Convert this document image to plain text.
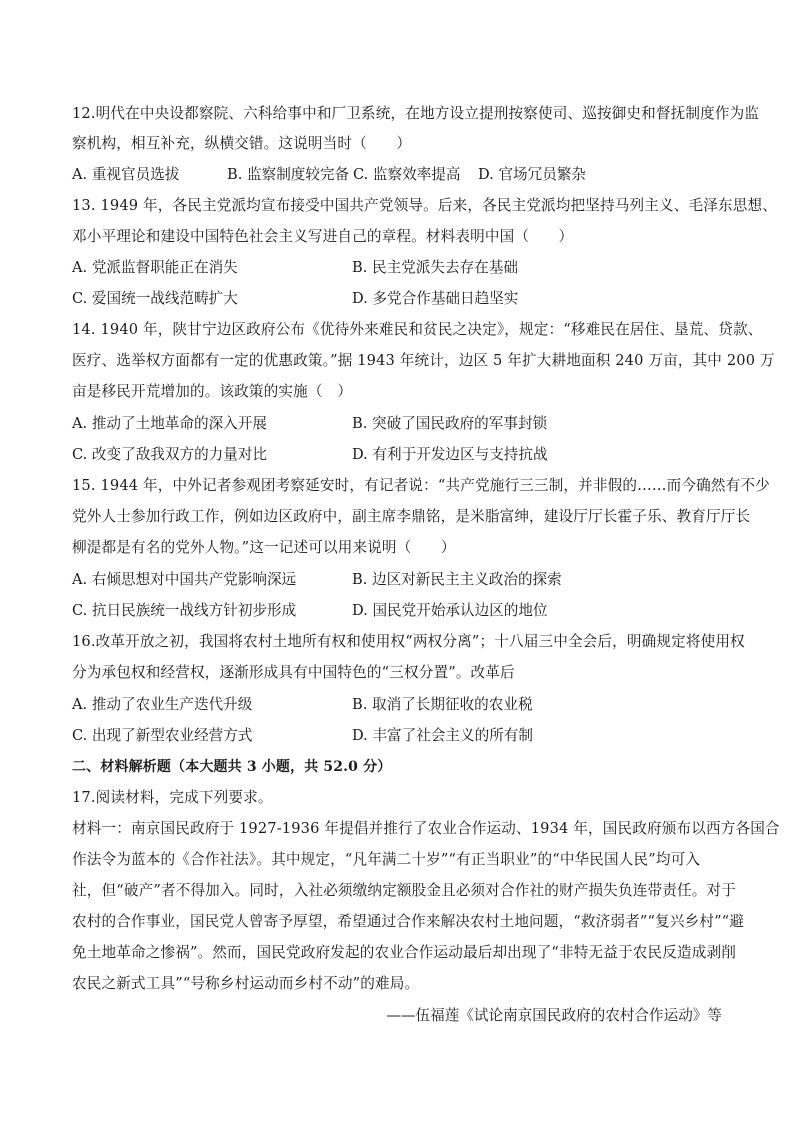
12.明代在中央设都察院、六科给事中和厂卫系统，在地方设立提刑按察使司、巡按御史和督抚制度作为监
察机构，相互补充，纵横交错。这说明当时（　　）
A. 重视官员选拔	B. 监察制度较完备 C. 监察效率提高 D. 官场冗员繁杂
13. 1949 年，各民主党派均宣布接受中国共产党领导。后来，各民主党派均把坚持马列主义、毛泽东思想、
邓小平理论和建设中国特色社会主义写进自己的章程。材料表明中国（　　）
A. 党派监督职能正在消失	B. 民主党派失去存在基础
C. 爱国统一战线范畴扩大	D. 多党合作基础日趋坚实
14. 1940 年，陕甘宁边区政府公布《优待外来难民和贫民之决定》，规定：“移难民在居住、垦荒、贷款、
医疗、选举权方面都有一定的优惠政策。”据 1943 年统计，边区 5 年扩大耕地面积 240 万亩，其中 200 万
亩是移民开荒增加的。该政策的实施（　）
A. 推动了土地革命的深入开展	B. 突破了国民政府的军事封锁
C. 改变了敌我双方的力量对比	D. 有利于开发边区与支持抗战
15. 1944 年，中外记者参观团考察延安时，有记者说：“共产党施行三三制，并非假的……而今确然有不少
党外人士参加行政工作，例如边区政府中，副主席李鼎铭，是米脂富绅，建设厅厅长霍子乐、教育厅厅长
柳湜都是有名的党外人物。”这一记述可以用来说明（　　）
A. 右倾思想对中国共产党影响深远	B. 边区对新民主主义政治的探索
C. 抗日民族统一战线方针初步形成	D. 国民党开始承认边区的地位
16.改革开放之初，我国将农村土地所有权和使用权“两权分离”；十八届三中全会后，明确规定将使用权
分为承包权和经营权，逐渐形成具有中国特色的“三权分置”。改革后
A. 推动了农业生产迭代升级	B. 取消了长期征收的农业税
C. 出现了新型农业经营方式	D. 丰富了社会主义的所有制
二、材料解析题（本大题共 3 小题，共 52.0 分）
17.阅读材料，完成下列要求。
材料一：南京国民政府于 1927-1936 年提倡并推行了农业合作运动、1934 年，国民政府颁布以西方各国合
作法令为蓝本的《合作社法》。其中规定，“凡年满二十岁”“有正当职业”的“中华民国人民”均可入
社，但“破产”者不得加入。同时，入社必须缴纳定额股金且必须对合作社的财产损失负连带责任。对于
农村的合作事业，国民党人曾寄予厚望，希望通过合作来解决农村土地问题，“救济弱者”“复兴乡村”“避
免土地革命之惨祸”。然而，国民党政府发起的农业合作运动最后却出现了“非特无益于农民反造成剥削
农民之新式工具”“号称乡村运动而乡村不动”的难局。
——伍福莲《试论南京国民政府的农村合作运动》等
